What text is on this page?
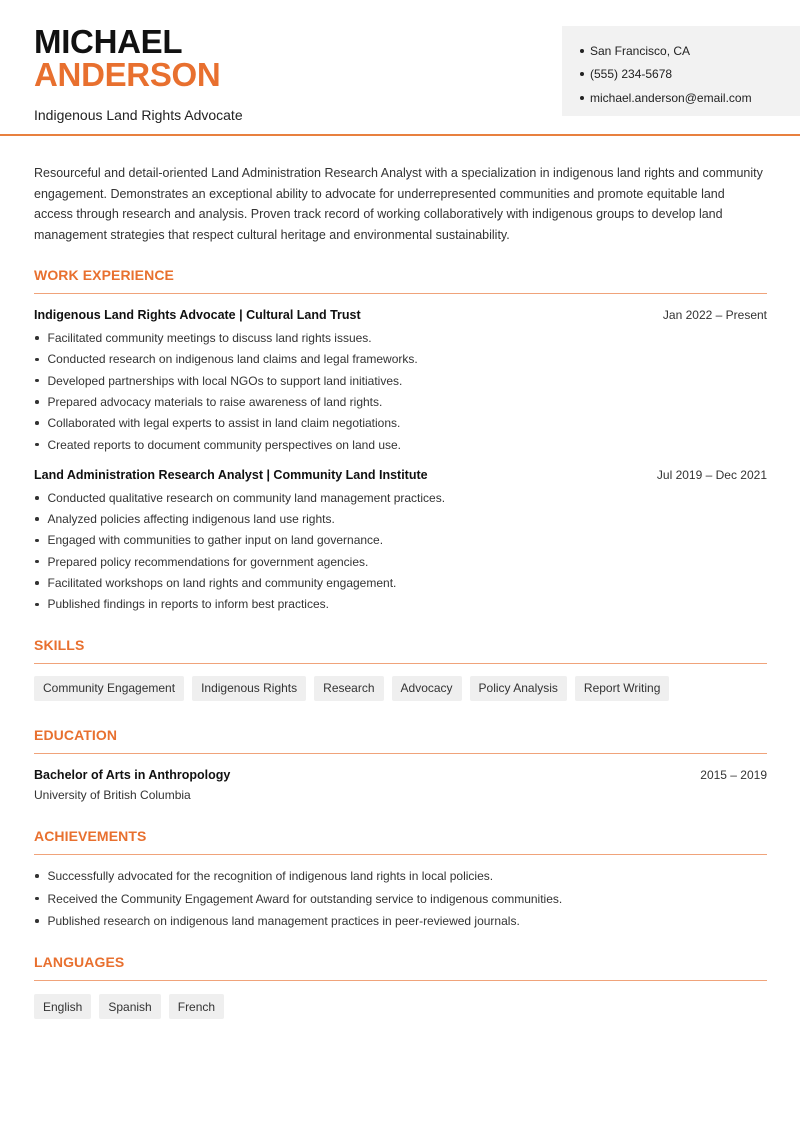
MICHAEL
ANDERSON
Indigenous Land Rights Advocate
San Francisco, CA
(555) 234-5678
michael.anderson@email.com

Resourceful and detail-oriented Land Administration Research Analyst with a specialization in indigenous land rights and community engagement. Demonstrates an exceptional ability to advocate for underrepresented communities and promote equitable land access through research and analysis. Proven track record of working collaboratively with indigenous groups to develop land management strategies that respect cultural heritage and environmental sustainability.

WORK EXPERIENCE
Indigenous Land Rights Advocate | Cultural Land Trust	Jan 2022 – Present
Facilitated community meetings to discuss land rights issues.
Conducted research on indigenous land claims and legal frameworks.
Developed partnerships with local NGOs to support land initiatives.
Prepared advocacy materials to raise awareness of land rights.
Collaborated with legal experts to assist in land claim negotiations.
Created reports to document community perspectives on land use.
Land Administration Research Analyst | Community Land Institute	Jul 2019 – Dec 2021
Conducted qualitative research on community land management practices.
Analyzed policies affecting indigenous land use rights.
Engaged with communities to gather input on land governance.
Prepared policy recommendations for government agencies.
Facilitated workshops on land rights and community engagement.
Published findings in reports to inform best practices.
SKILLS
Community Engagement	Indigenous Rights	Research	Advocacy	Policy Analysis	Report Writing
EDUCATION
Bachelor of Arts in Anthropology	2015 – 2019
University of British Columbia
ACHIEVEMENTS
Successfully advocated for the recognition of indigenous land rights in local policies.
Received the Community Engagement Award for outstanding service to indigenous communities.
Published research on indigenous land management practices in peer-reviewed journals.
LANGUAGES
English	Spanish	French
